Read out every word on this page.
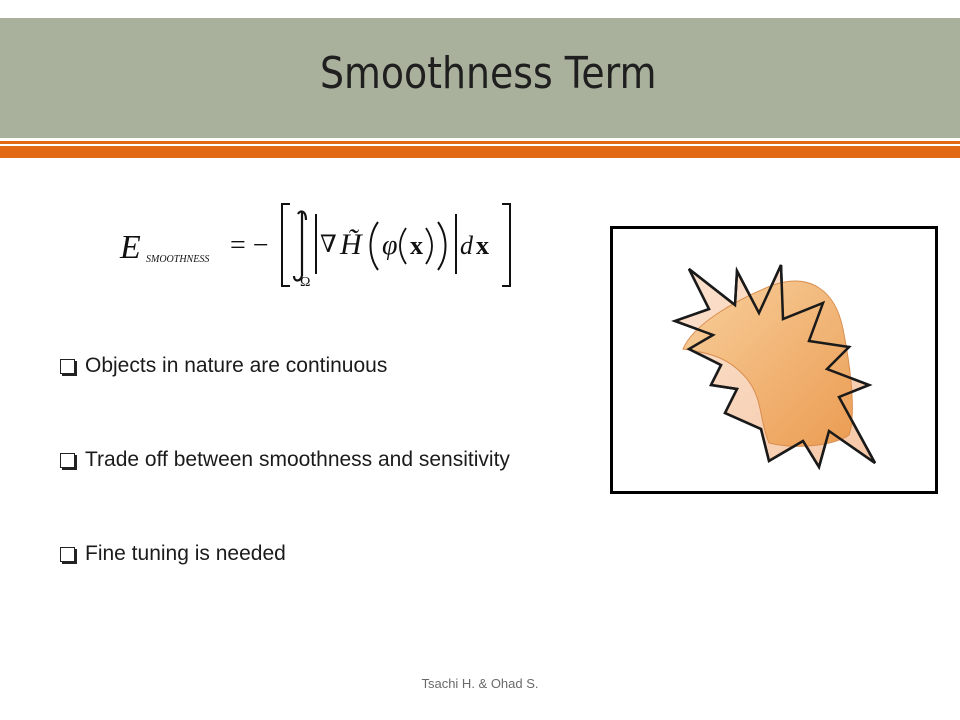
Smoothness Term
E SMOOTHNESS = −
Ω
∇ H̃ φ x d x
Objects in nature are continuous
Trade off between smoothness and sensitivity
Fine tuning is needed
Tsachi H. & Ohad S.
